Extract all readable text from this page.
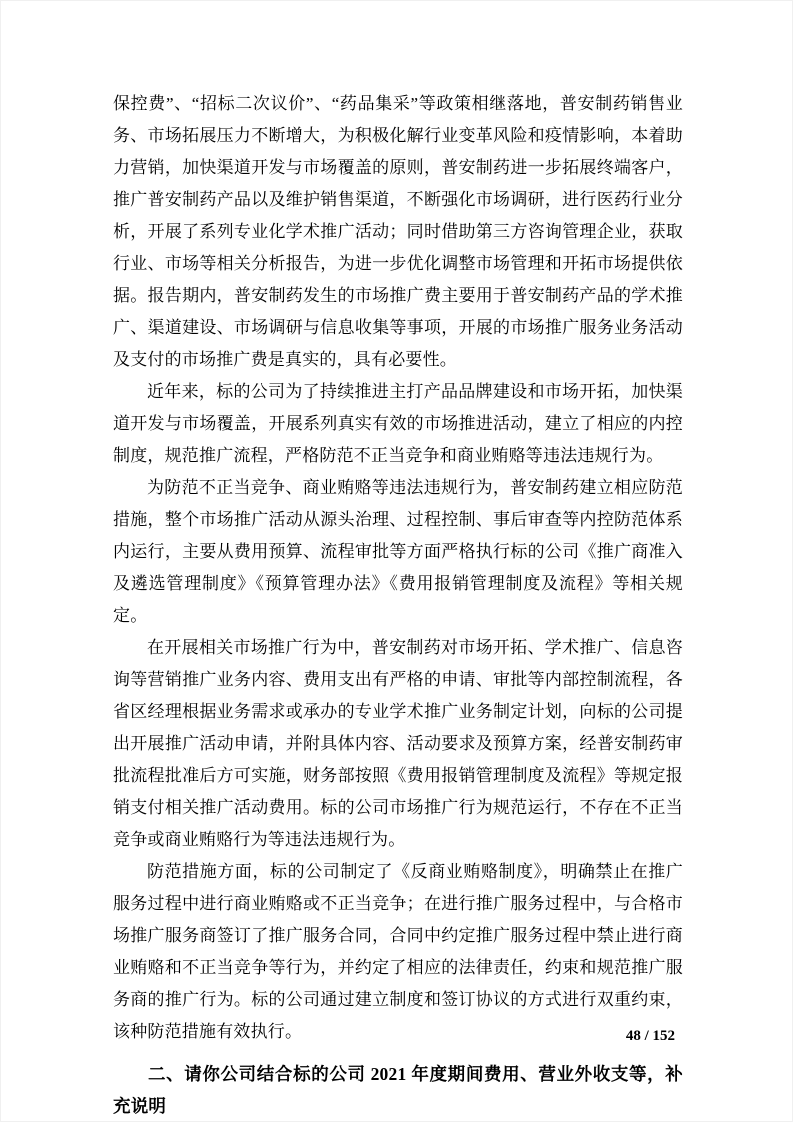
保控费”、“招标二次议价”、“药品集采”等政策相继落地，普安制药销售业务、市场拓展压力不断增大，为积极化解行业变革风险和疫情影响，本着助力营销，加快渠道开发与市场覆盖的原则，普安制药进一步拓展终端客户，推广普安制药产品以及维护销售渠道，不断强化市场调研，进行医药行业分析，开展了系列专业化学术推广活动；同时借助第三方咨询管理企业，获取行业、市场等相关分析报告，为进一步优化调整市场管理和开拓市场提供依据。报告期内，普安制药发生的市场推广费主要用于普安制药产品的学术推广、渠道建设、市场调研与信息收集等事项，开展的市场推广服务业务活动及支付的市场推广费是真实的，具有必要性。

近年来，标的公司为了持续推进主打产品品牌建设和市场开拓，加快渠道开发与市场覆盖，开展系列真实有效的市场推进活动，建立了相应的内控制度，规范推广流程，严格防范不正当竞争和商业贿赂等违法违规行为。

为防范不正当竞争、商业贿赂等违法违规行为，普安制药建立相应防范措施，整个市场推广活动从源头治理、过程控制、事后审查等内控防范体系内运行，主要从费用预算、流程审批等方面严格执行标的公司《推广商准入及遴选管理制度》《预算管理办法》《费用报销管理制度及流程》等相关规定。

在开展相关市场推广行为中，普安制药对市场开拓、学术推广、信息咨询等营销推广业务内容、费用支出有严格的申请、审批等内部控制流程，各省区经理根据业务需求或承办的专业学术推广业务制定计划，向标的公司提出开展推广活动申请，并附具体内容、活动要求及预算方案，经普安制药审批流程批准后方可实施，财务部按照《费用报销管理制度及流程》等规定报销支付相关推广活动费用。标的公司市场推广行为规范运行，不存在不正当竞争或商业贿赂行为等违法违规行为。

防范措施方面，标的公司制定了《反商业贿赂制度》，明确禁止在推广服务过程中进行商业贿赂或不正当竞争；在进行推广服务过程中，与合格市场推广服务商签订了推广服务合同，合同中约定推广服务过程中禁止进行商业贿赂和不正当竞争等行为，并约定了相应的法律责任，约束和规范推广服务商的推广行为。标的公司通过建立制度和签订协议的方式进行双重约束，该种防范措施有效执行。

二、请你公司结合标的公司 2021 年度期间费用、营业外收支等，补充说明
48 / 152
